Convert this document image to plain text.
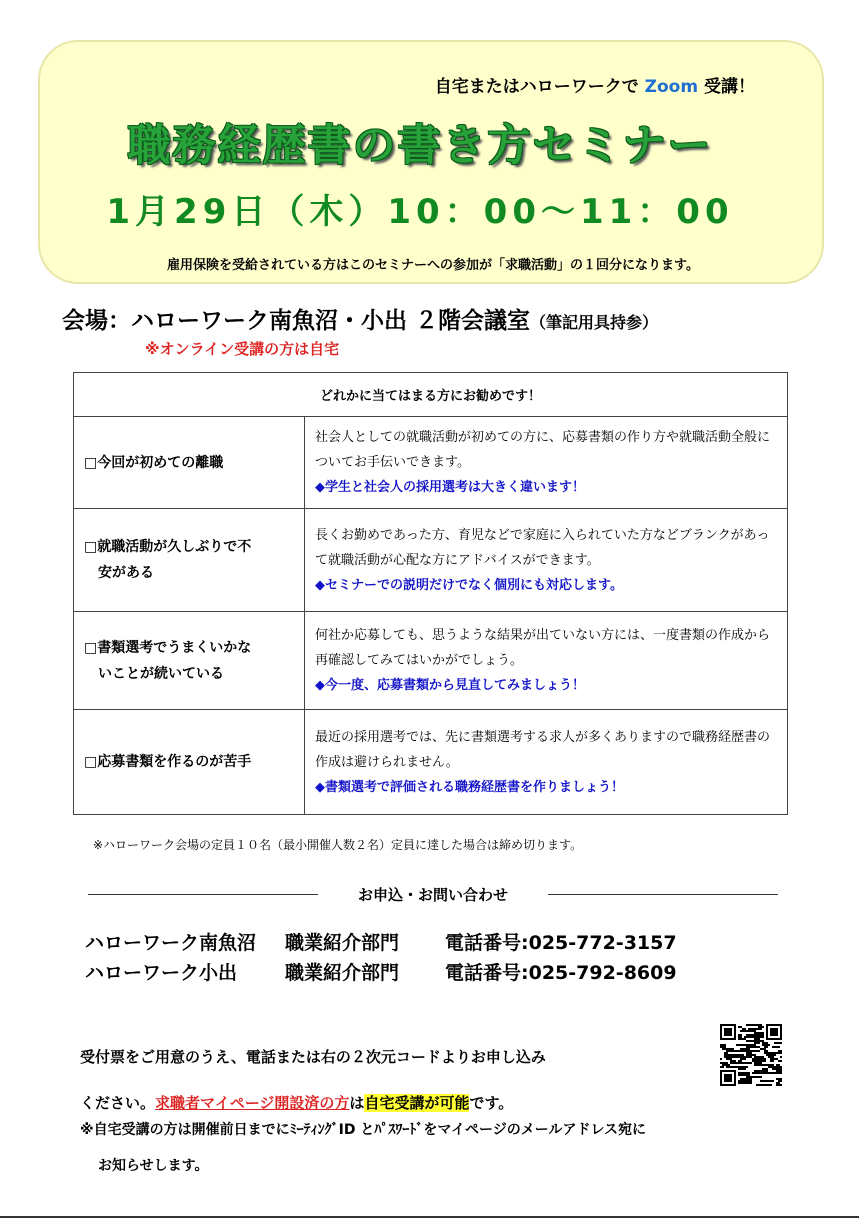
自宅またはハローワークで Zoom 受講！
職務経歴書の書き方セミナー
1月29日（木）10：00～11：00
雇用保険を受給されている方はこのセミナーへの参加が「求職活動」の１回分になります。
会場：ハローワーク南魚沼・小出 ２階会議室（筆記用具持参）
※オンライン受講の方は自宅
どれかに当てはまる方にお勧めです！	
□今回が初めての離職	社会人としての就職活動が初めての方に、応募書類の作り方や就職活動全般についてお手伝いできます。
◆学生と社会人の採用選考は大きく違います！
□就職活動が久しぶりで不
安がある	長くお勤めであった方、育児などで家庭に入られていた方などブランクがあって就職活動が心配な方にアドバイスができます。
◆セミナーでの説明だけでなく個別にも対応します。
□書類選考でうまくいかな
いことが続いている	何社か応募しても、思うような結果が出ていない方には、一度書類の作成から再確認してみてはいかがでしょう。
◆今一度、応募書類から見直してみましょう！
□応募書類を作るのが苦手	最近の採用選考では、先に書類選考する求人が多くありますので職務経歴書の作成は避けられません。
◆書類選考で評価される職務経歴書を作りましょう！
※ハローワーク会場の定員１０名（最小開催人数２名）定員に達した場合は締め切ります。
お申込・お問い合わせ
ハローワーク南魚沼 職業紹介部門 電話番号:025-772-3157
ハローワーク小出	職業紹介部門 電話番号:025-792-8609
受付票をご用意のうえ、電話または右の２次元コードよりお申し込み
ください。求職者マイページ開設済の方は自宅受講が可能です。
※自宅受講の方は開催前日までにﾐｰﾃｨﾝｸﾞID とﾊﾟｽﾜｰﾄﾞをマイページのメールアドレス宛に
お知らせします。
